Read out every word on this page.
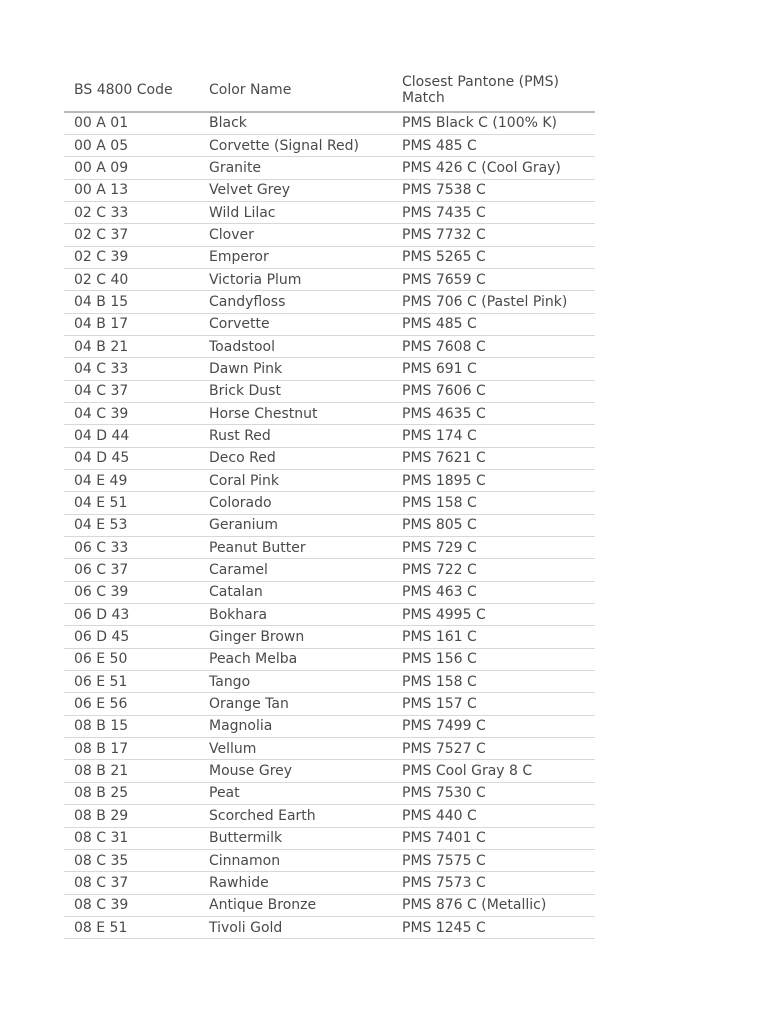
BS 4800 Code	Color Name	Closest Pantone (PMS) Match
00 A 01	Black	PMS Black C (100% K)
00 A 05	Corvette (Signal Red)	PMS 485 C
00 A 09	Granite	PMS 426 C (Cool Gray)
00 A 13	Velvet Grey	PMS 7538 C
02 C 33	Wild Lilac	PMS 7435 C
02 C 37	Clover	PMS 7732 C
02 C 39	Emperor	PMS 5265 C
02 C 40	Victoria Plum	PMS 7659 C
04 B 15	Candyfloss	PMS 706 C (Pastel Pink)
04 B 17	Corvette	PMS 485 C
04 B 21	Toadstool	PMS 7608 C
04 C 33	Dawn Pink	PMS 691 C
04 C 37	Brick Dust	PMS 7606 C
04 C 39	Horse Chestnut	PMS 4635 C
04 D 44	Rust Red	PMS 174 C
04 D 45	Deco Red	PMS 7621 C
04 E 49	Coral Pink	PMS 1895 C
04 E 51	Colorado	PMS 158 C
04 E 53	Geranium	PMS 805 C
06 C 33	Peanut Butter	PMS 729 C
06 C 37	Caramel	PMS 722 C
06 C 39	Catalan	PMS 463 C
06 D 43	Bokhara	PMS 4995 C
06 D 45	Ginger Brown	PMS 161 C
06 E 50	Peach Melba	PMS 156 C
06 E 51	Tango	PMS 158 C
06 E 56	Orange Tan	PMS 157 C
08 B 15	Magnolia	PMS 7499 C
08 B 17	Vellum	PMS 7527 C
08 B 21	Mouse Grey	PMS Cool Gray 8 C
08 B 25	Peat	PMS 7530 C
08 B 29	Scorched Earth	PMS 440 C
08 C 31	Buttermilk	PMS 7401 C
08 C 35	Cinnamon	PMS 7575 C
08 C 37	Rawhide	PMS 7573 C
08 C 39	Antique Bronze	PMS 876 C (Metallic)
08 E 51	Tivoli Gold	PMS 1245 C
